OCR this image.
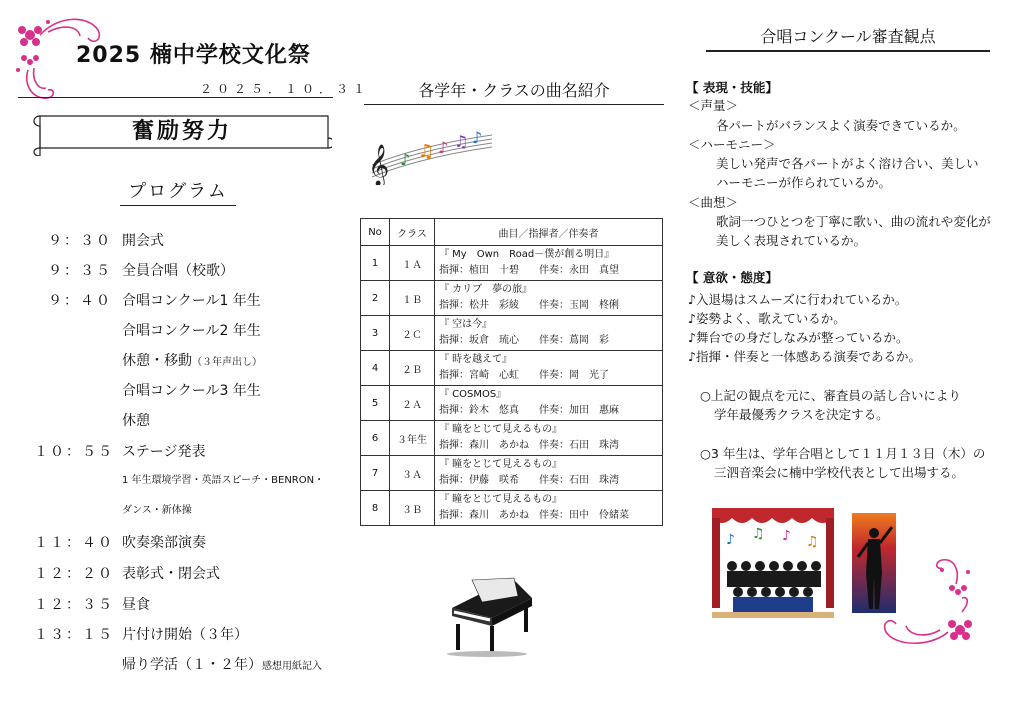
2025 楠中学校文化祭
２０２５．１０．３１
奮励努力
プログラム
９：３０ 開会式
９：３５ 全員合唱（校歌）
９：４０ 合唱コンクール1 年生
合唱コンクール2 年生
休憩・移動（３年声出し）
合唱コンクール3 年生
休憩
１０：５５ ステージ発表
1 年生環境学習・英語スピーチ・BENRON・
ダンス・新体操
１１：４０ 吹奏楽部演奏
１２：２０ 表彰式・閉会式
１２：３５ 昼食
１３：１５ 片付け開始（３年）
帰り学活（１・２年）感想用紙記入
各学年・クラスの曲名紹介
𝄞 ♪ ♫ ♪ ♫ ♪
No	クラス	曲目／指揮者／伴奏者
1	１Ａ	『 My　Own　Road－僕が創る明日』
指揮：植田　十碧　　伴奏：永田　真望

2	１Ｂ	『 カリブ　夢の旅』
指揮：松井　彩綾　　伴奏：玉岡　柊俐

3	２Ｃ	『 空は今』
指揮：坂倉　琉心　　伴奏：蔦岡　彩

4	２Ｂ	『 時を越えて』
指揮：宮崎　心虹　　伴奏：岡　光了

5	２Ａ	『 COSMOS』
指揮：鈴木　悠真　　伴奏：加田　惠麻

6	３年生	『 瞳をとじて見えるもの』
指揮：森川　あかね　伴奏：石田　珠湾

7	３Ａ	『 瞳をとじて見えるもの』
指揮：伊藤　咲希　　伴奏：石田　珠湾

8	３Ｂ	『 瞳をとじて見えるもの』
指揮：森川　あかね　伴奏：田中　伶緒菜
合唱コンクール審査観点
【 表現・技能】
＜声量＞
各パートがバランスよく演奏できているか。
＜ハーモニー＞
美しい発声で各パートがよく溶け合い、美しい
ハーモニーが作られているか。
＜曲想＞
歌詞一つひとつを丁寧に歌い、曲の流れや変化が
美しく表現されているか。
【 意欲・態度】
♪入退場はスムーズに行われているか。
♪姿勢よく、歌えているか。
♪舞台での身だしなみが整っているか。
♪指揮・伴奏と一体感ある演奏であるか。
○上記の観点を元に、審査員の話し合いにより
学年最優秀クラスを決定する。
○3 年生は、学年合唱として１１月１３日（木）の
三泗音楽会に楠中学校代表として出場する。
♪ ♫ ♪ ♫
